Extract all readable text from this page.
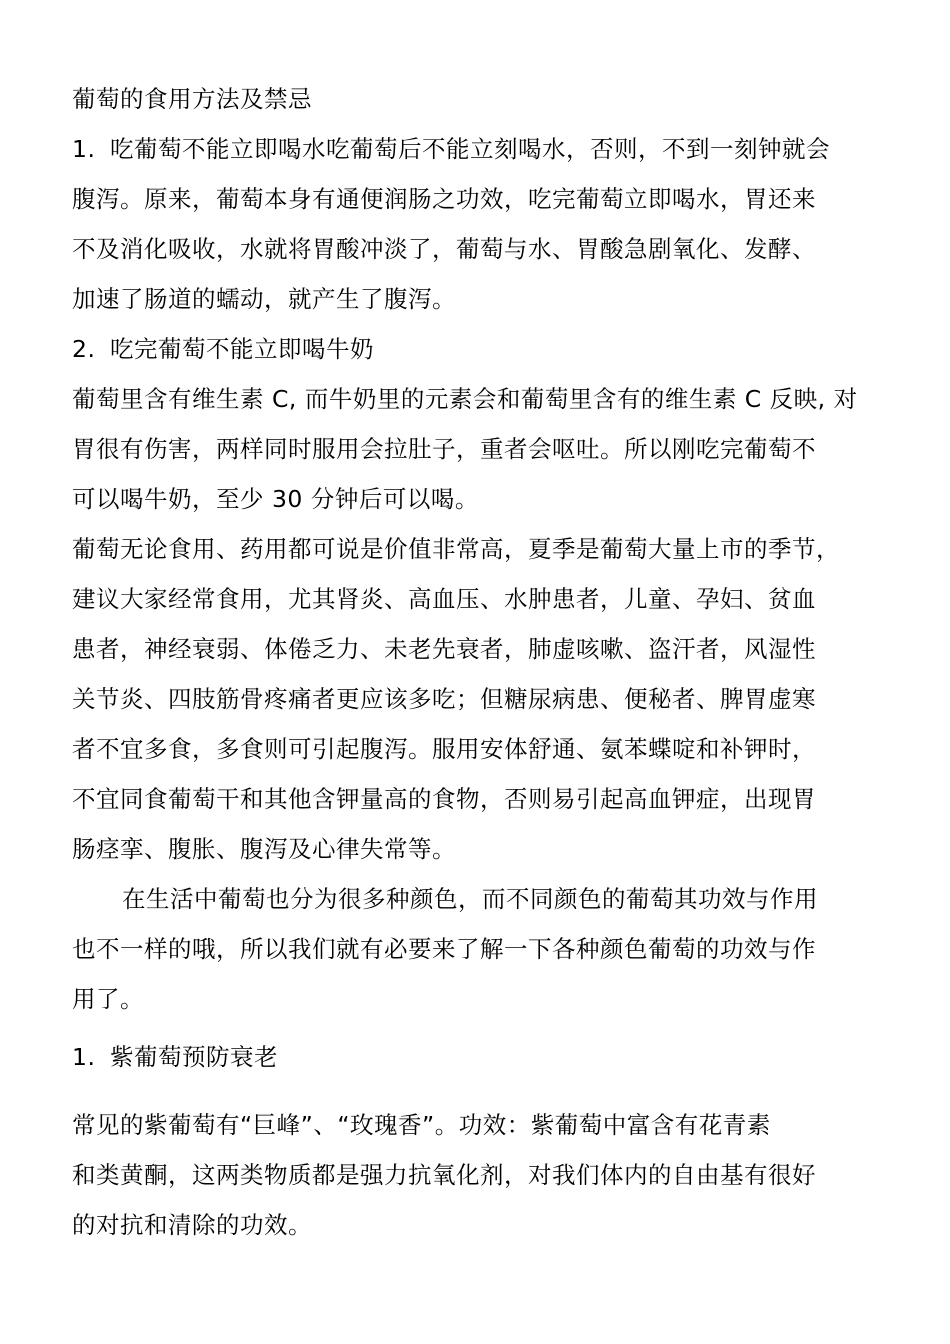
葡萄的食用方法及禁忌
1. 吃葡萄不能立即喝水吃葡萄后不能立刻喝水，否则，不到一刻钟就会
腹泻。原来，葡萄本身有通便润肠之功效，吃完葡萄立即喝水，胃还来
不及消化吸收，水就将胃酸冲淡了，葡萄与水、胃酸急剧氧化、发酵、
加速了肠道的蠕动，就产生了腹泻。
2. 吃完葡萄不能立即喝牛奶
葡萄里含有维生素 C, 而牛奶里的元素会和葡萄里含有的维生素 C 反映, 对
胃很有伤害，两样同时服用会拉肚子，重者会呕吐。所以刚吃完葡萄不
可以喝牛奶，至少 30 分钟后可以喝。
葡萄无论食用、药用都可说是价值非常高，夏季是葡萄大量上市的季节，
建议大家经常食用，尤其肾炎、高血压、水肿患者，儿童、孕妇、贫血
患者，神经衰弱、体倦乏力、未老先衰者，肺虚咳嗽、盗汗者，风湿性
关节炎、四肢筋骨疼痛者更应该多吃；但糖尿病患、便秘者、脾胃虚寒
者不宜多食，多食则可引起腹泻。服用安体舒通、氨苯蝶啶和补钾时，
不宜同食葡萄干和其他含钾量高的食物，否则易引起高血钾症，出现胃
肠痉挛、腹胀、腹泻及心律失常等。
在生活中葡萄也分为很多种颜色，而不同颜色的葡萄其功效与作用
也不一样的哦，所以我们就有必要来了解一下各种颜色葡萄的功效与作
用了。
1. 紫葡萄预防衰老
常见的紫葡萄有“巨峰”、“玫瑰香”。功效：紫葡萄中富含有花青素
和类黄酮，这两类物质都是强力抗氧化剂，对我们体内的自由基有很好
的对抗和清除的功效。
